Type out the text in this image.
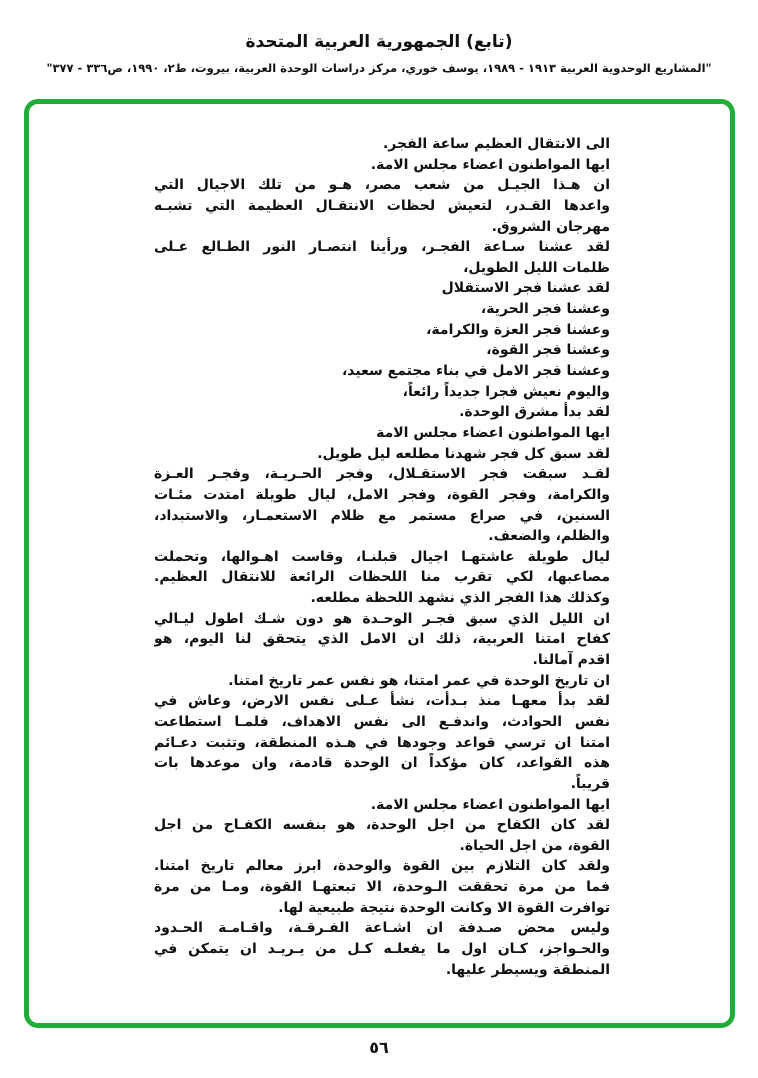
(تابع) الجمهورية العربية المتحدة
"المشاريع الوحدوية العربية ١٩١٣ - ١٩٨٩، يوسف خوري، مركز دراسات الوحدة العربية، بيروت، ط٢، ١٩٩٠، ص٣٣٦ - ٣٧٧"
الى الانتقال العظيم ساعة الفجر.
ايها المواطنون اعضاء مجلس الامة.
ان هـذا الجيـل من شعب مصر، هـو من تلك الاجيال التي
واعدها القـدر، لتعيش لحظات الانتقـال العظيمة التي تشبـه
مهرجان الشروق.
لقد عشنا سـاعة الفجـر، ورأينا انتصـار النور الطـالع عـلى
ظلمات الليل الطويل،
لقد عشنا فجر الاستقلال
وعشنا فجر الحرية،
وعشنا فجر العزة والكرامة،
وعشنا فجر القوة،
وعشنا فجر الامل في بناء مجتمع سعيد،
واليوم نعيش فجرا جديداً رائعاً،
لقد بدأ مشرق الوحدة.
ايها المواطنون اعضاء مجلس الامة
لقد سبق كل فجر شهدنا مطلعه ليل طويل.
لقـد سبقت فجر الاستقـلال، وفجر الحـريـة، وفجـر العـزة
والكرامة، وفجر القوة، وفجر الامل، ليال طويلة امتدت مئـات
السنين، في صراع مستمر مع ظلام الاستعمـار، والاستبداد،
والظلم، والضعف.
ليال طويلة عاشتهـا اجيال قبلنـا، وقاست اهـوالها، وتحملت
مصاعبها، لكي تقرب منا اللحظات الرائعة للانتقال العظيم.
وكذلك هذا الفجر الذي نشهد اللحظة مطلعه.
ان الليل الذي سبق فجـر الوحـدة هو دون شـك اطول ليـالي
كفاح امتنا العربية، ذلك ان الامل الذي يتحقق لنا اليوم، هو
اقدم آمالنا.
ان تاريخ الوحدة في عمر امتنا، هو نفس عمر تاريخ امتنا.
لقد بدأ معهـا منذ بـدأت، نشأ عـلى نفس الارض، وعاش في
نفس الحوادث، واندفـع الى نفس الاهداف، فلمـا استطاعت
امتنا ان ترسي قواعد وجودها في هـذه المنطقة، وتثبت دعـائم
هذه القواعد، كان مؤكداً ان الوحدة قادمة، وان موعدها بات
قريباً.
ايها المواطنون اعضاء مجلس الامة.
لقد كان الكفاح من اجل الوحدة، هو بنفسه الكفـاح من اجل
القوة، من اجل الحياة.
ولقد كان التلازم بين القوة والوحدة، ابرز معالم تاريخ امتنا.
فما من مرة تحققت الـوحدة، الا تبعتهـا القوة، ومـا من مرة
توافرت القوة الا وكانت الوحدة نتيجة طبيعية لها.
وليس محض صـدفة ان اشـاعة الفـرقـة، واقـامـة الحـدود
والحـواجز، كـان اول ما يفعلـه كـل من يـريـد ان يتمكن في
المنطقة ويسيطر عليها.
٥٦
